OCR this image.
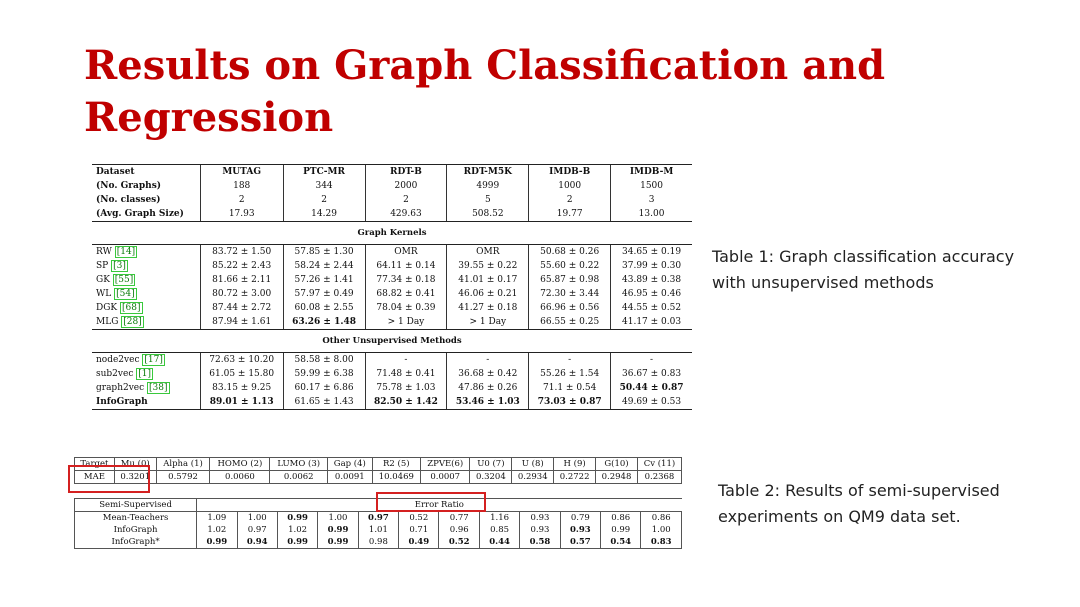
Results on Graph Classification and Regression
Dataset	MUTAG	PTC-MR	RDT-B	RDT-M5K	IMDB-B	IMDB-M
(No. Graphs)	188	344	2000	4999	1000	1500
(No. classes)	2	2	2	5	2	3
(Avg. Graph Size)	17.93	14.29	429.63	508.52	19.77	13.00
Graph Kernels						
RW [14]	83.72 ± 1.50	57.85 ± 1.30	OMR	OMR	50.68 ± 0.26	34.65 ± 0.19
SP [3]	85.22 ± 2.43	58.24 ± 2.44	64.11 ± 0.14	39.55 ± 0.22	55.60 ± 0.22	37.99 ± 0.30
GK [55]	81.66 ± 2.11	57.26 ± 1.41	77.34 ± 0.18	41.01 ± 0.17	65.87 ± 0.98	43.89 ± 0.38
WL [54]	80.72 ± 3.00	57.97 ± 0.49	68.82 ± 0.41	46.06 ± 0.21	72.30 ± 3.44	46.95 ± 0.46
DGK [68]	87.44 ± 2.72	60.08 ± 2.55	78.04 ± 0.39	41.27 ± 0.18	66.96 ± 0.56	44.55 ± 0.52
MLG [28]	87.94 ± 1.61	63.26 ± 1.48	> 1 Day	> 1 Day	66.55 ± 0.25	41.17 ± 0.03
Other Unsupervised Methods						
node2vec [17]	72.63 ± 10.20	58.58 ± 8.00	-	-	-	-
sub2vec [1]	61.05 ± 15.80	59.99 ± 6.38	71.48 ± 0.41	36.68 ± 0.42	55.26 ± 1.54	36.67 ± 0.83
graph2vec [38]	83.15 ± 9.25	60.17 ± 6.86	75.78 ± 1.03	47.86 ± 0.26	71.1 ± 0.54	50.44 ± 0.87
InfoGraph	89.01 ± 1.13	61.65 ± 1.43	82.50 ± 1.42	53.46 ± 1.03	73.03 ± 0.87	49.69 ± 0.53
Table 1: Graph classification accuracy with unsupervised methods
Target	Mu (0)	Alpha (1)	HOMO (2)	LUMO (3)	Gap (4)	R2 (5)	ZPVE(6)	U0 (7)	U (8)	H (9)	G(10)	Cv (11)
MAE	0.3201	0.5792	0.0060	0.0062	0.0091	10.0469	0.0007	0.3204	0.2934	0.2722	0.2948	0.2368
Semi-Supervised	Error Ratio											
Mean-Teachers	1.09	1.00	0.99	1.00	0.97	0.52	0.77	1.16	0.93	0.79	0.86	0.86
InfoGraph	1.02	0.97	1.02	0.99	1.01	0.71	0.96	0.85	0.93	0.93	0.99	1.00
InfoGraph*	0.99	0.94	0.99	0.99	0.98	0.49	0.52	0.44	0.58	0.57	0.54	0.83
Table 2: Results of semi-supervised experiments on QM9 data set.
